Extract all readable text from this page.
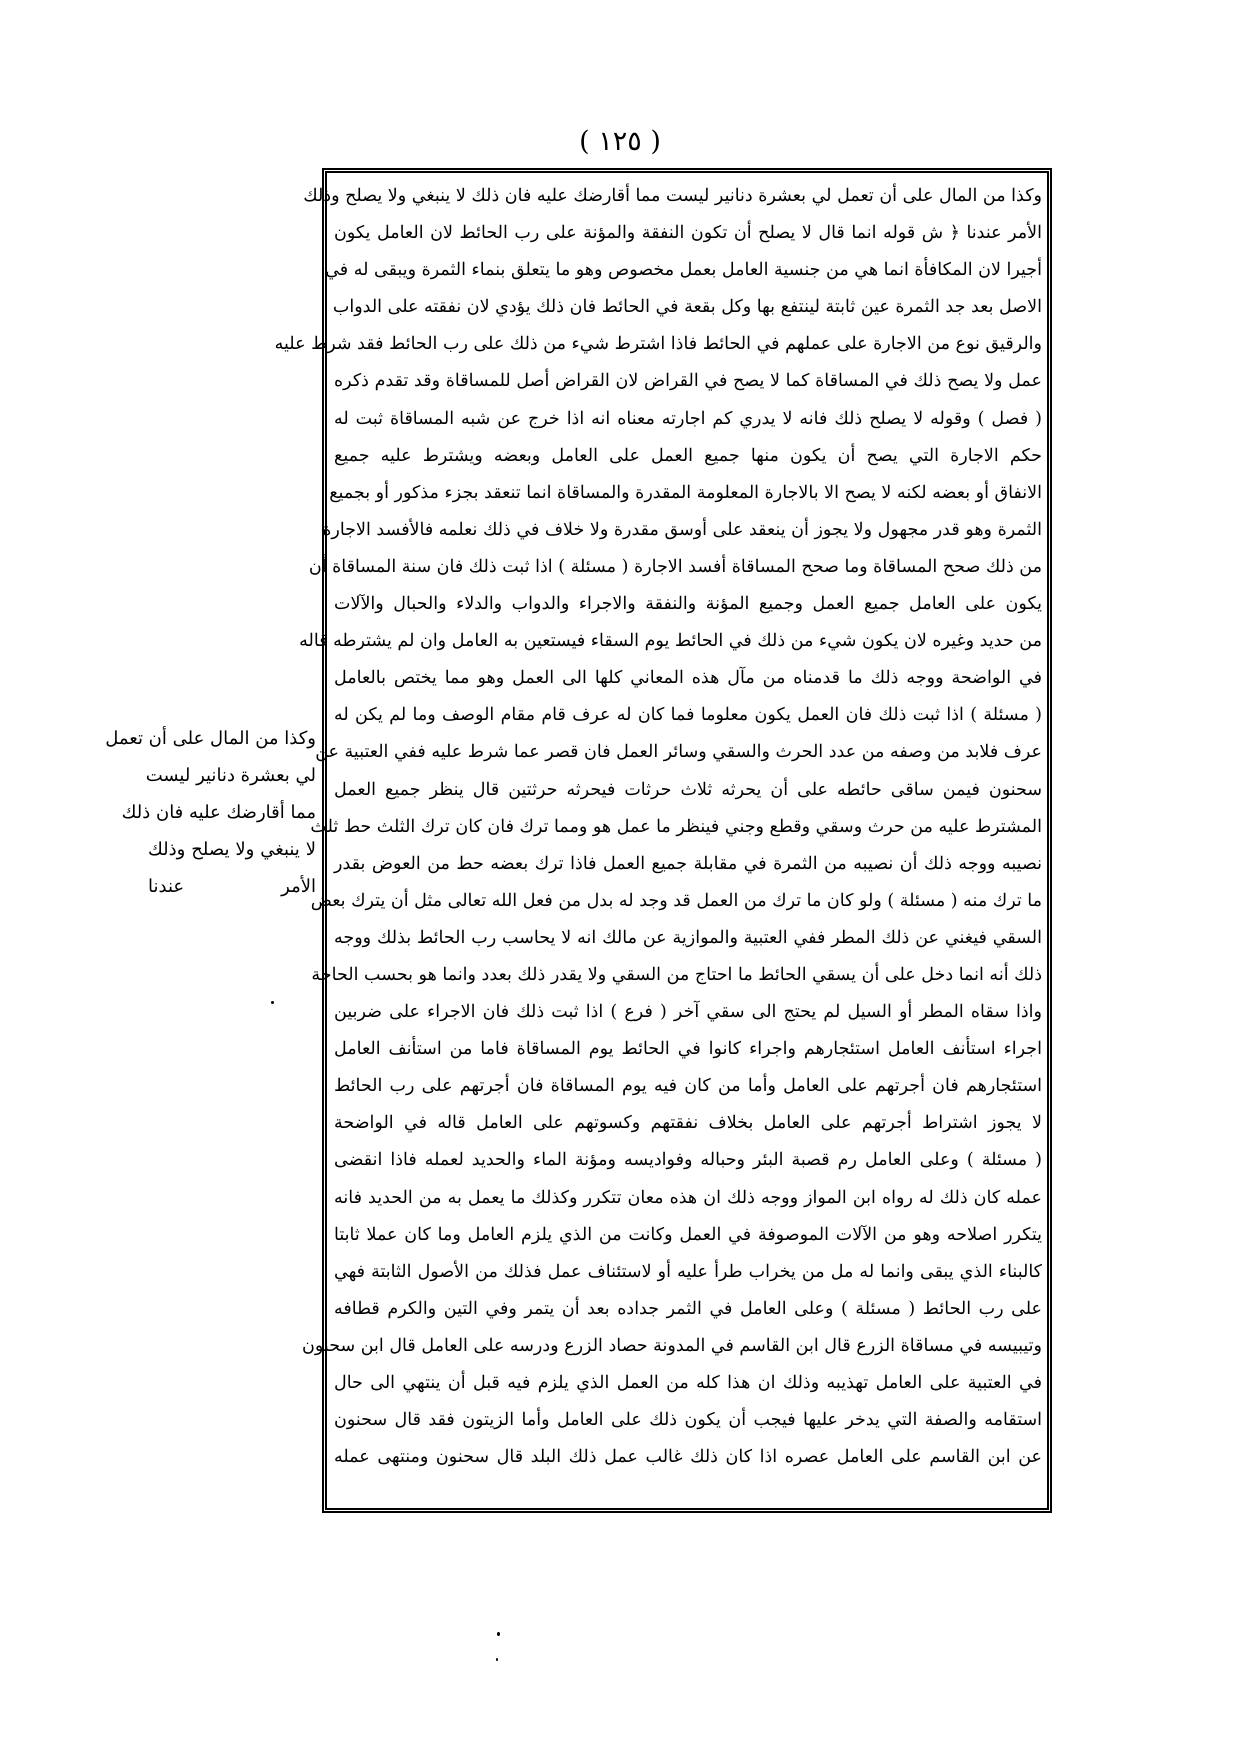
( ١٢٥ )
وكذا من المال على أن تعمل لي بعشرة دنانير ليست مما أقارضك عليه فان ذلك لا ينبغي ولا يصلح وذلك
الأمر عندنا ﴿ ش قوله انما قال لا يصلح أن تكون النفقة والمؤنة على رب الحائط لان العامل يكون
أجيرا لان المكافأة انما هي من جنسية العامل بعمل مخصوص وهو ما يتعلق بنماء الثمرة ويبقى له في
الاصل بعد جد الثمرة عين ثابتة لينتفع بها وكل بقعة في الحائط فان ذلك يؤدي لان نفقته على الدواب
والرقيق نوع من الاجارة على عملهم في الحائط فاذا اشترط شيء من ذلك على رب الحائط فقد شرط عليه
عمل ولا يصح ذلك في المساقاة كما لا يصح في القراض لان القراض أصل للمساقاة وقد تقدم ذكره
( فصل ) وقوله لا يصلح ذلك فانه لا يدري كم اجارته معناه انه اذا خرج عن شبه المساقاة ثبت له
حكم الاجارة التي يصح أن يكون منها جميع العمل على العامل وبعضه ويشترط عليه جميع
الانفاق أو بعضه لكنه لا يصح الا بالاجارة المعلومة المقدرة والمساقاة انما تنعقد بجزء مذكور أو بجميع
الثمرة وهو قدر مجهول ولا يجوز أن ينعقد على أوسق مقدرة ولا خلاف في ذلك نعلمه فالأفسد الاجارة
من ذلك صحح المساقاة وما صحح المساقاة أفسد الاجارة ( مسئلة ) اذا ثبت ذلك فان سنة المساقاة أن
يكون على العامل جميع العمل وجميع المؤنة والنفقة والاجراء والدواب والدلاء والحبال والآلات
من حديد وغيره لان يكون شيء من ذلك في الحائط يوم السقاء فيستعين به العامل وان لم يشترطه قاله
في الواضحة ووجه ذلك ما قدمناه من مآل هذه المعاني كلها الى العمل وهو مما يختص بالعامل
( مسئلة ) اذا ثبت ذلك فان العمل يكون معلوما فما كان له عرف قام مقام الوصف وما لم يكن له
عرف فلابد من وصفه من عدد الحرث والسقي وسائر العمل فان قصر عما شرط عليه ففي العتبية عن
سحنون فيمن ساقى حائطه على أن يحرثه ثلاث حرثات فيحرثه حرثتين قال ينظر جميع العمل
المشترط عليه من حرث وسقي وقطع وجني فينظر ما عمل هو ومما ترك فان كان ترك الثلث حط ثلث
نصيبه ووجه ذلك أن نصيبه من الثمرة في مقابلة جميع العمل فاذا ترك بعضه حط من العوض بقدر
ما ترك منه ( مسئلة ) ولو كان ما ترك من العمل قد وجد له بدل من فعل الله تعالى مثل أن يترك بعض
السقي فيغني عن ذلك المطر ففي العتبية والموازية عن مالك انه لا يحاسب رب الحائط بذلك ووجه
ذلك أنه انما دخل على أن يسقي الحائط ما احتاج من السقي ولا يقدر ذلك بعدد وانما هو بحسب الحاجة
واذا سقاه المطر أو السيل لم يحتج الى سقي آخر ( فرع ) اذا ثبت ذلك فان الاجراء على ضربين
اجراء استأنف العامل استئجارهم واجراء كانوا في الحائط يوم المساقاة فاما من استأنف العامل
استئجارهم فان أجرتهم على العامل وأما من كان فيه يوم المساقاة فان أجرتهم على رب الحائط
لا يجوز اشتراط أجرتهم على العامل بخلاف نفقتهم وكسوتهم على العامل قاله في الواضحة
( مسئلة ) وعلى العامل رم قصبة البئر وحباله وفواديسه ومؤنة الماء والحديد لعمله فاذا انقضى
عمله كان ذلك له رواه ابن المواز ووجه ذلك ان هذه معان تتكرر وكذلك ما يعمل به من الحديد فانه
يتكرر اصلاحه وهو من الآلات الموصوفة في العمل وكانت من الذي يلزم العامل وما كان عملا ثابتا
كالبناء الذي يبقى وانما له مل من يخراب طرأ عليه أو لاستئناف عمل فذلك من الأصول الثابتة فهي
على رب الحائط ( مسئلة ) وعلى العامل في الثمر جداده بعد أن يتمر وفي التين والكرم قطافه
وتيبيسه في مساقاة الزرع قال ابن القاسم في المدونة حصاد الزرع ودرسه على العامل قال ابن سحنون
في العتبية على العامل تهذيبه وذلك ان هذا كله من العمل الذي يلزم فيه قبل أن ينتهي الى حال
استقامه والصفة التي يدخر عليها فيجب أن يكون ذلك على العامل وأما الزيتون فقد قال سحنون
عن ابن القاسم على العامل عصره اذا كان ذلك غالب عمل ذلك البلد قال سحنون ومنتهى عمله
وكذا من المال على أن تعمل
لي بعشرة دنانير ليست
مما أقارضك عليه فان ذلك
لا ينبغي ولا يصلح وذلك
الأمر عندنا
